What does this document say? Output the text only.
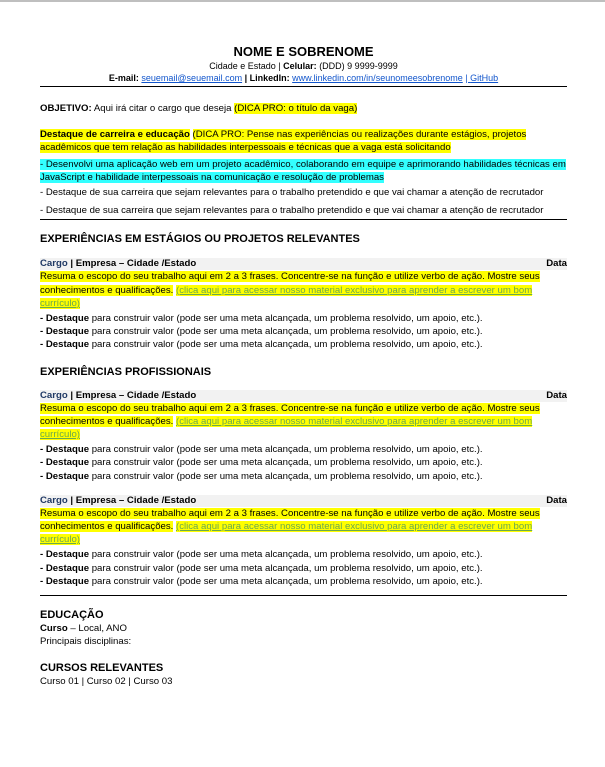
NOME E SOBRENOME

Cidade e Estado | Celular: (DDD) 9 9999-9999
E-mail: seuemail@seuemail.com | LinkedIn: www.linkedin.com/in/seunomeesobrenome | GitHub

OBJETIVO: Aqui irá citar o cargo que deseja (DICA PRO: o título da vaga)

Destaque de carreira e educação (DICA PRO: Pense nas experiências ou realizações durante estágios, projetos acadêmicos que tem relação as habilidades interpessoais e técnicas que a vaga está solicitando

- Desenvolvi uma aplicação web em um projeto acadêmico, colaborando em equipe e aprimorando habilidades técnicas em JavaScript e habilidade interpessoais na comunicação e resolução de problemas

- Destaque de sua carreira que sejam relevantes para o trabalho pretendido e que vai chamar a atenção de recrutador

- Destaque de sua carreira que sejam relevantes para o trabalho pretendido e que vai chamar a atenção de recrutador

EXPERIÊNCIAS EM ESTÁGIOS OU PROJETOS RELEVANTES

Cargo | Empresa – Cidade /Estado	Data

Resuma o escopo do seu trabalho aqui em 2 a 3 frases. Concentre-se na função e utilize verbo de ação. Mostre seus conhecimentos e qualificações. (clica aqui para acessar nosso material exclusivo para aprender a escrever um bom currículo)

- Destaque para construir valor (pode ser uma meta alcançada, um problema resolvido, um apoio, etc.).

- Destaque para construir valor (pode ser uma meta alcançada, um problema resolvido, um apoio, etc.).

- Destaque para construir valor (pode ser uma meta alcançada, um problema resolvido, um apoio, etc.).

EXPERIÊNCIAS PROFISSIONAIS

Cargo | Empresa – Cidade /Estado	Data

Resuma o escopo do seu trabalho aqui em 2 a 3 frases. Concentre-se na função e utilize verbo de ação. Mostre seus conhecimentos e qualificações. (clica aqui para acessar nosso material exclusivo para aprender a escrever um bom currículo)

- Destaque para construir valor (pode ser uma meta alcançada, um problema resolvido, um apoio, etc.).

- Destaque para construir valor (pode ser uma meta alcançada, um problema resolvido, um apoio, etc.).

- Destaque para construir valor (pode ser uma meta alcançada, um problema resolvido, um apoio, etc.).

Cargo | Empresa – Cidade /Estado	Data

Resuma o escopo do seu trabalho aqui em 2 a 3 frases. Concentre-se na função e utilize verbo de ação. Mostre seus conhecimentos e qualificações. (clica aqui para acessar nosso material exclusivo para aprender a escrever um bom currículo)

- Destaque para construir valor (pode ser uma meta alcançada, um problema resolvido, um apoio, etc.).

- Destaque para construir valor (pode ser uma meta alcançada, um problema resolvido, um apoio, etc.).

- Destaque para construir valor (pode ser uma meta alcançada, um problema resolvido, um apoio, etc.).

EDUCAÇÃO

Curso – Local, ANO

Principais disciplinas:

CURSOS RELEVANTES

Curso 01 | Curso 02 | Curso 03
